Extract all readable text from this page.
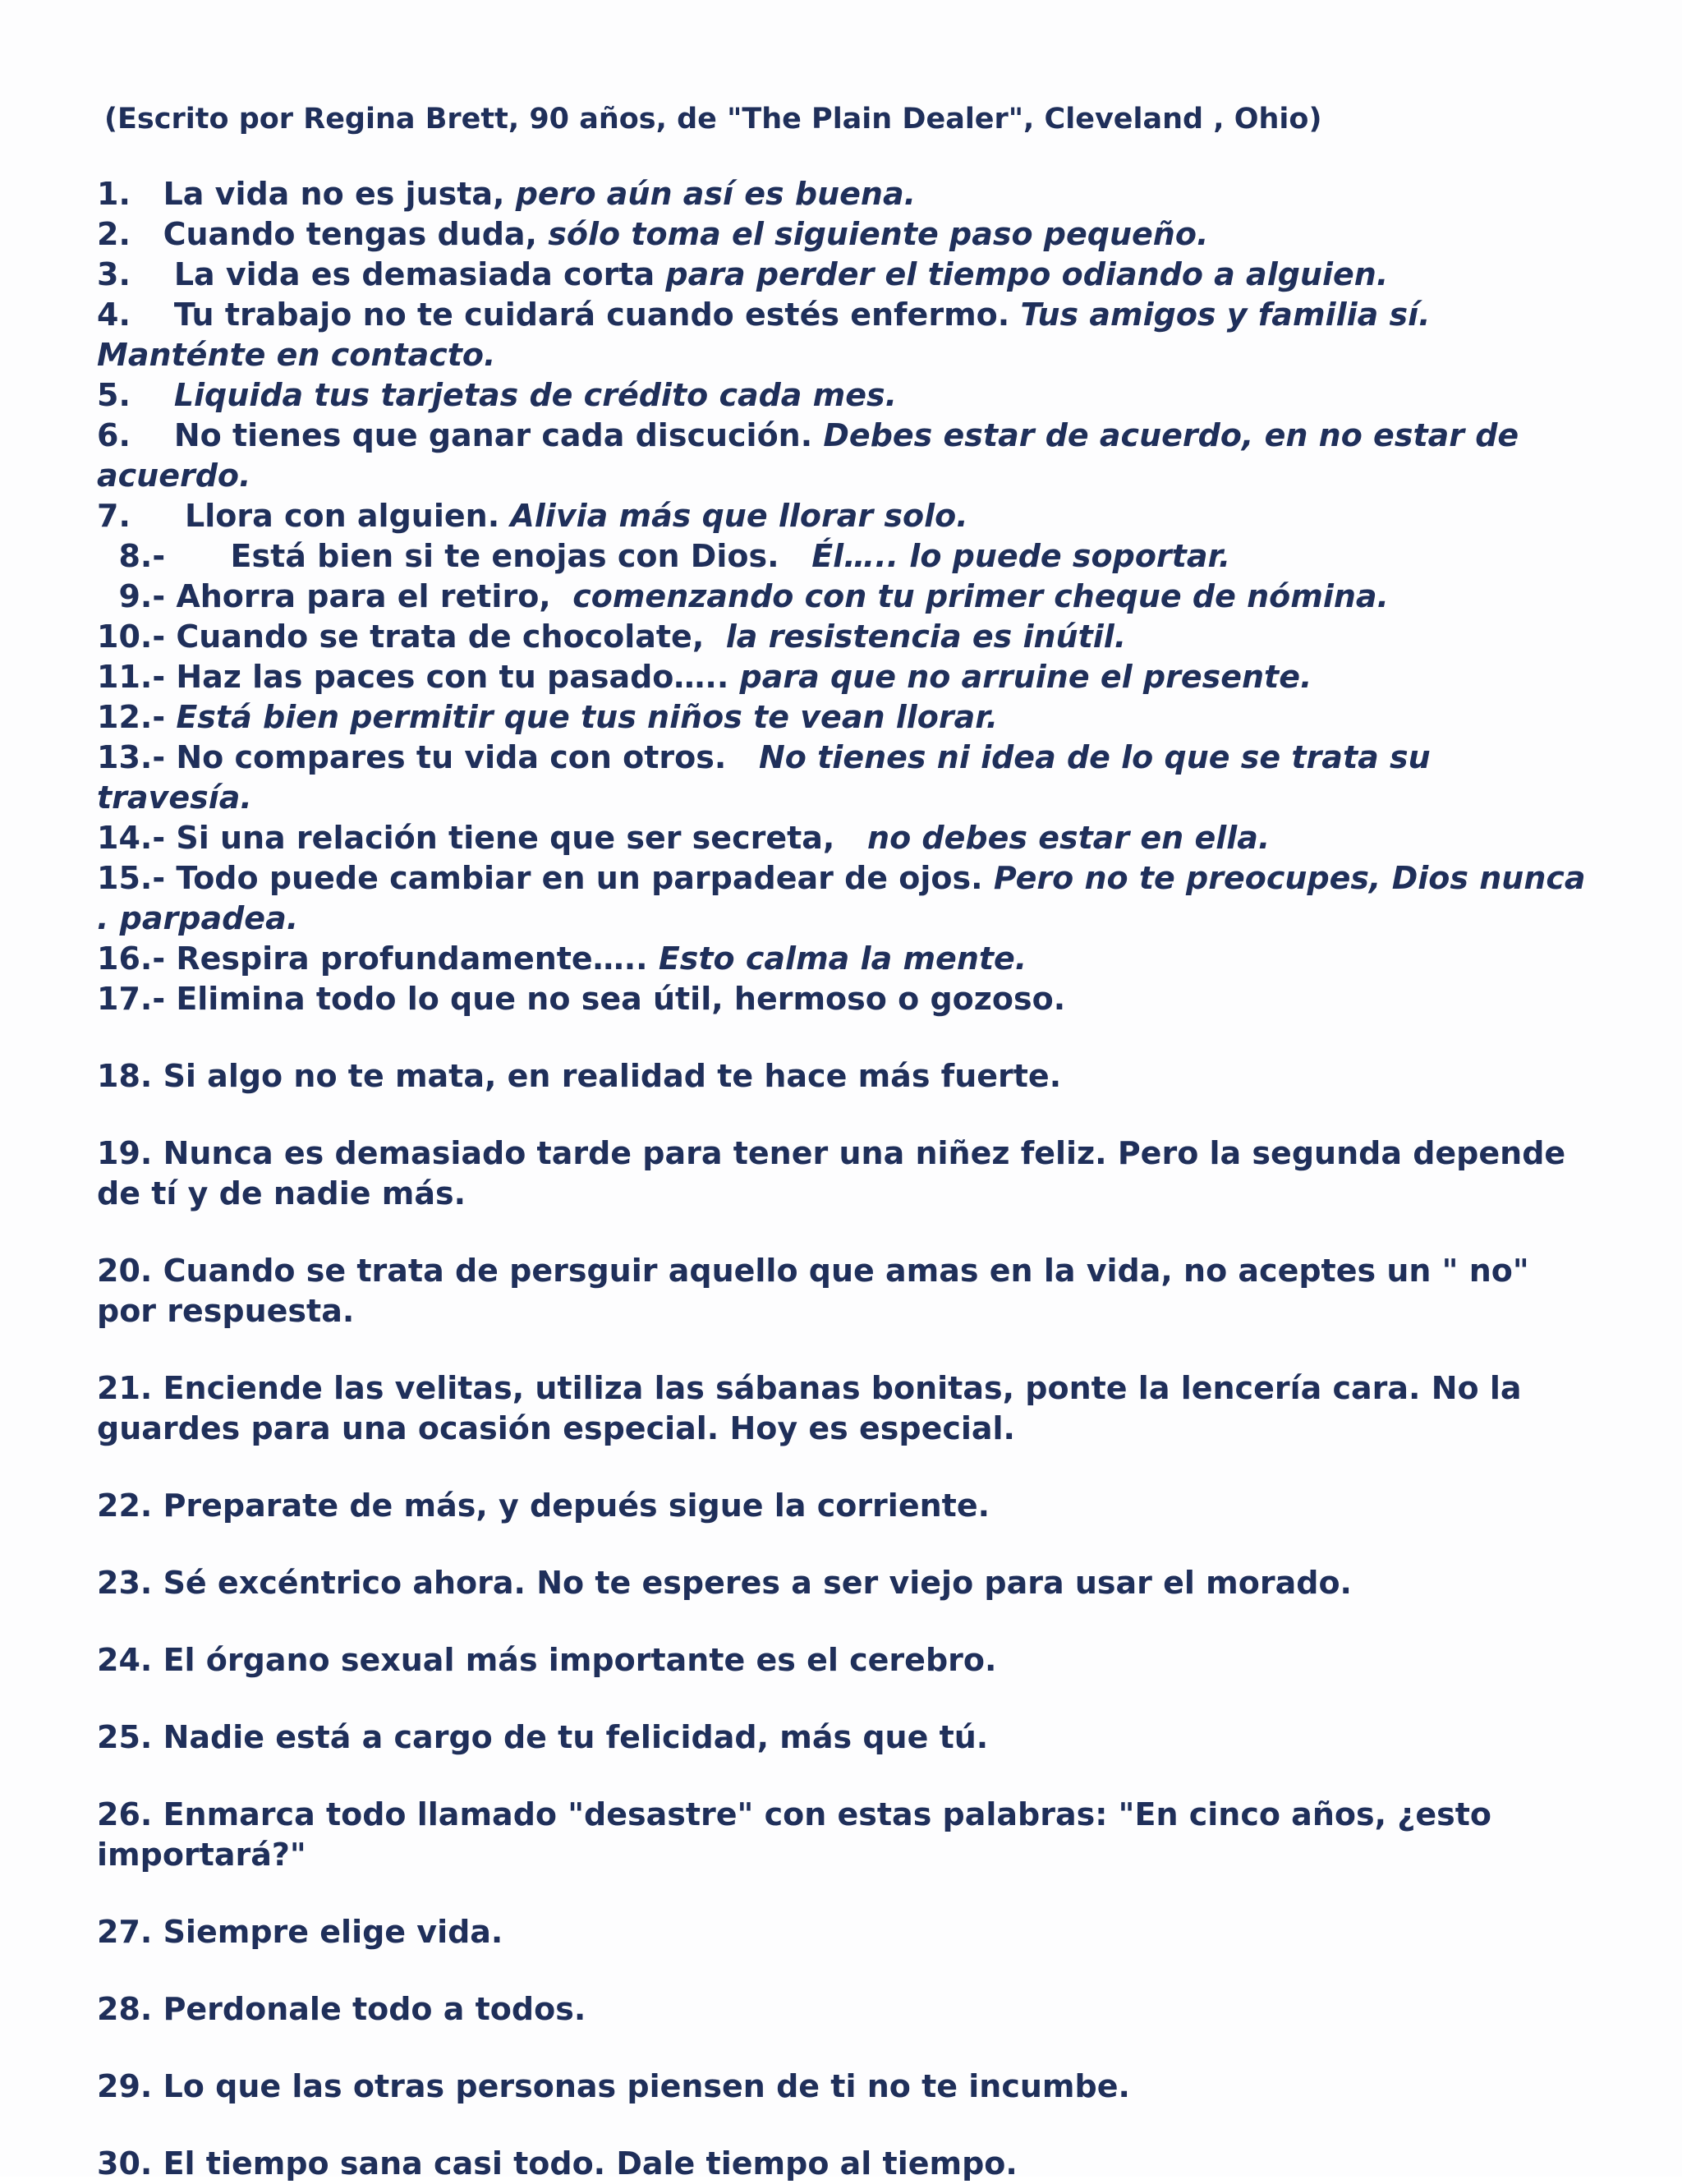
(Escrito por Regina Brett, 90 años, de "The Plain Dealer", Cleveland , Ohio)
1. La vida no es justa, pero aún así es buena.
2. Cuando tengas duda, sólo toma el siguiente paso pequeño.
3. La vida es demasiada corta para perder el tiempo odiando a alguien.
4. Tu trabajo no te cuidará cuando estés enfermo. Tus amigos y familia sí. Manténte en contacto.
5. Liquida tus tarjetas de crédito cada mes.
6. No tienes que ganar cada discución. Debes estar de acuerdo, en no estar de acuerdo.
7. Llora con alguien. Alivia más que llorar solo.
8.- Está bien si te enojas con Dios.   Él….. lo puede soportar.
9.- Ahorra para el retiro,  comenzando con tu primer cheque de nómina.
10.- Cuando se trata de chocolate,  la resistencia es inútil.
11.- Haz las paces con tu pasado….. para que no arruine el presente.
12.- Está bien permitir que tus niños te vean llorar.
13.- No compares tu vida con otros.   No tienes ni idea de lo que se trata su travesía.
14.- Si una relación tiene que ser secreta,   no debes estar en ella.
15.- Todo puede cambiar en un parpadear de ojos. Pero no te preocupes, Dios nunca . parpadea.
16.- Respira profundamente….. Esto calma la mente.
17.- Elimina todo lo que no sea útil, hermoso o gozoso.
18. Si algo no te mata, en realidad te hace más fuerte.
19. Nunca es demasiado tarde para tener una niñez feliz. Pero la segunda depende de tí y de nadie más.
20. Cuando se trata de persguir aquello que amas en la vida, no aceptes un " no" por respuesta.
21. Enciende las velitas, utiliza las sábanas bonitas, ponte la lencería cara. No la guardes para una ocasión especial. Hoy es especial.
22. Preparate de más, y depués sigue la corriente.
23. Sé excéntrico ahora. No te esperes a ser viejo para usar el morado.
24. El órgano sexual más importante es el cerebro.
25. Nadie está a cargo de tu felicidad, más que tú.
26. Enmarca todo llamado "desastre" con estas palabras: "En cinco años, ¿esto importará?"
27. Siempre elige vida.
28. Perdonale todo a todos.
29. Lo que las otras personas piensen de ti no te incumbe.
30. El tiempo sana casi todo. Dale tiempo al tiempo.
